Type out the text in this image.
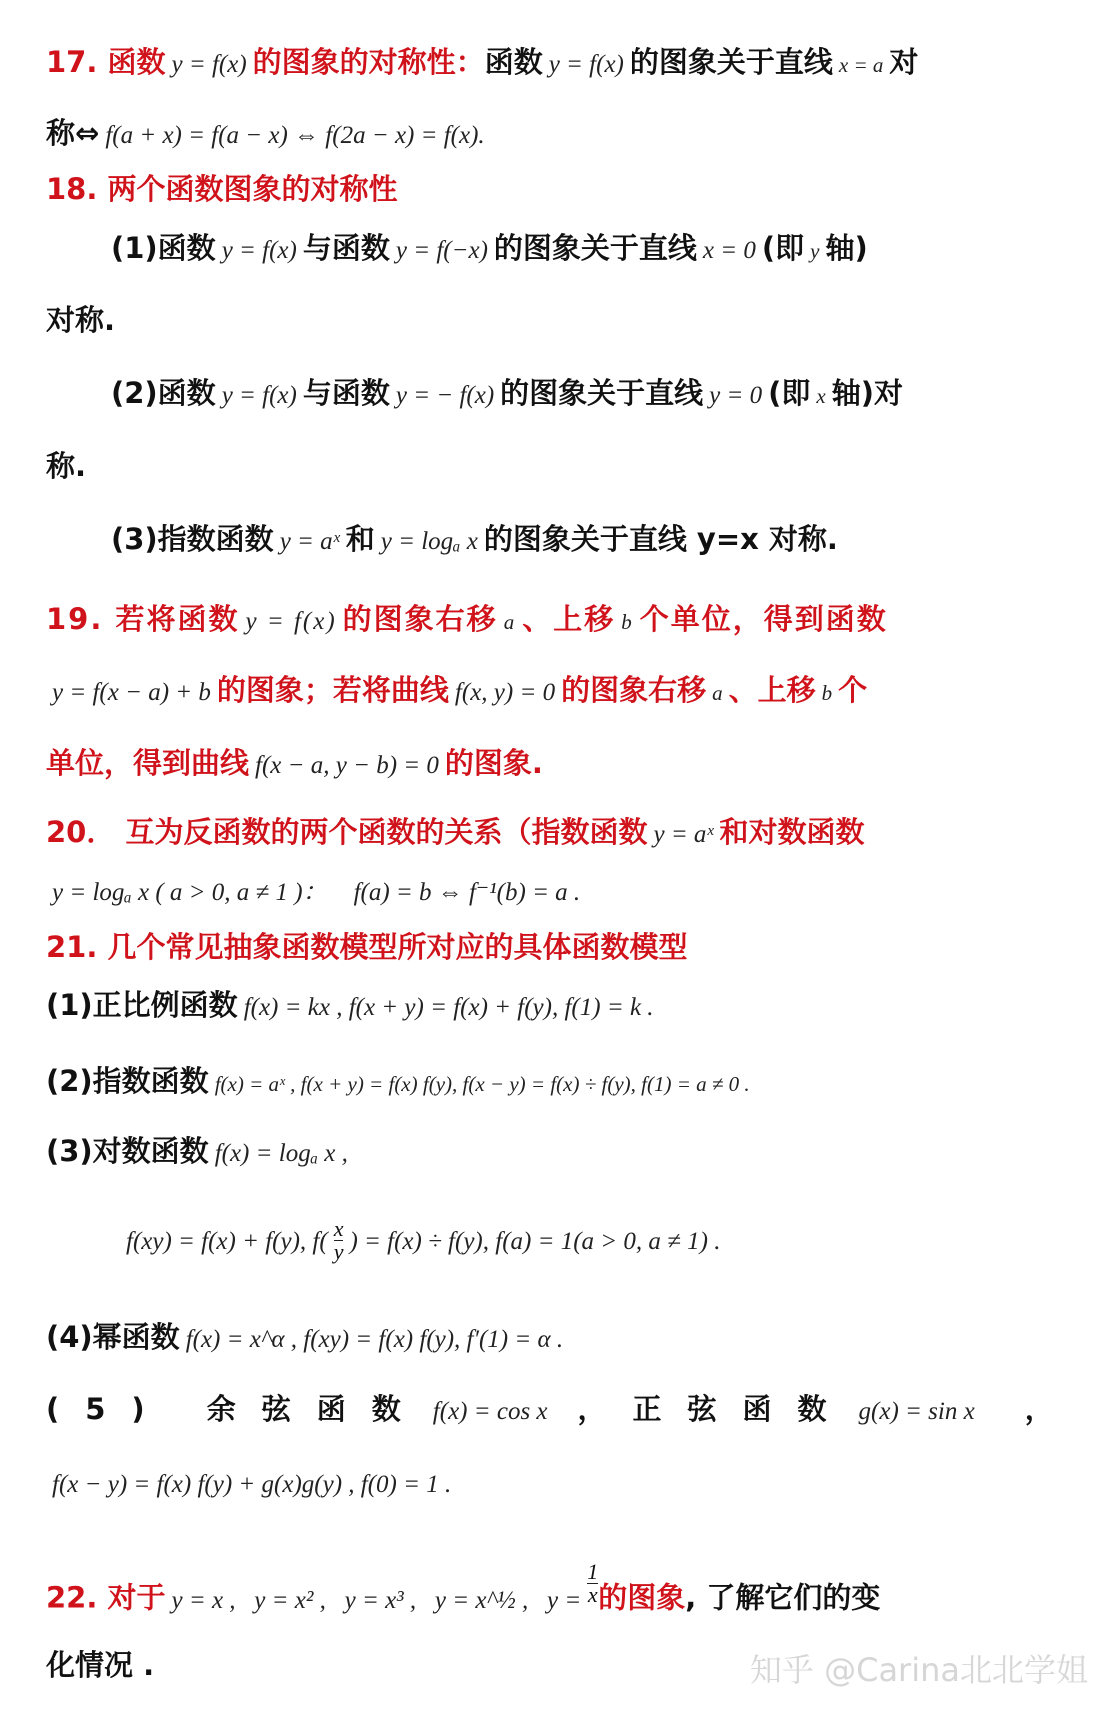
17. 函数 y = f(x) 的图象的对称性：函数 y = f(x) 的图象关于直线 x = a 对
称⇔ f(a + x) = f(a − x) ⇔ f(2a − x) = f(x).
18. 两个函数图象的对称性
(1)函数 y = f(x) 与函数 y = f(−x) 的图象关于直线 x = 0 (即 y 轴)
对称.
(2)函数 y = f(x) 与函数 y = − f(x) 的图象关于直线 y = 0 (即 x 轴)对
称.
(3)指数函数 y = aˣ 和 y = logₐ x 的图象关于直线 y=x 对称.
19. 若将函数 y = f(x) 的图象右移 a 、上移 b 个单位，得到函数
y = f(x − a) + b 的图象；若将曲线 f(x, y) = 0 的图象右移 a 、上移 b 个
单位，得到曲线 f(x − a, y − b) = 0 的图象.
20． 互为反函数的两个函数的关系（指数函数 y = aˣ 和对数函数
y = logₐ x ( a > 0, a ≠ 1 )： f(a) = b ⇔ f⁻¹(b) = a .
21. 几个常见抽象函数模型所对应的具体函数模型
(1)正比例函数 f(x) = kx , f(x + y) = f(x) + f(y), f(1) = k .
(2)指数函数 f(x) = aˣ , f(x + y) = f(x) f(y), f(x − y) = f(x) ÷ f(y), f(1) = a ≠ 0 .
(3)对数函数 f(x) = logₐ x ,
f(xy) = f(x) + f(y), $f( \frac{x}{y}$ ) = f(x) ÷ f(y), f(a) = 1(a > 0, a ≠ 1) .
(4)幂函数 f(x) = x^α , f(xy) = f(x) f(y), f′(1) = α .
(5) 余弦函数 f(x) = cos x ，正弦函数 g(x) = sin x ，
f(x − y) = f(x) f(y) + g(x)g(y) , f(0) = 1 .
22. 对于 y = x ,   y = x² ,   y = x³ ,   y = x^½ ,   $y = \frac{1}{x}$ 的图象, 了解它们的变
化情况 .	知乎 @Carina北北学姐
